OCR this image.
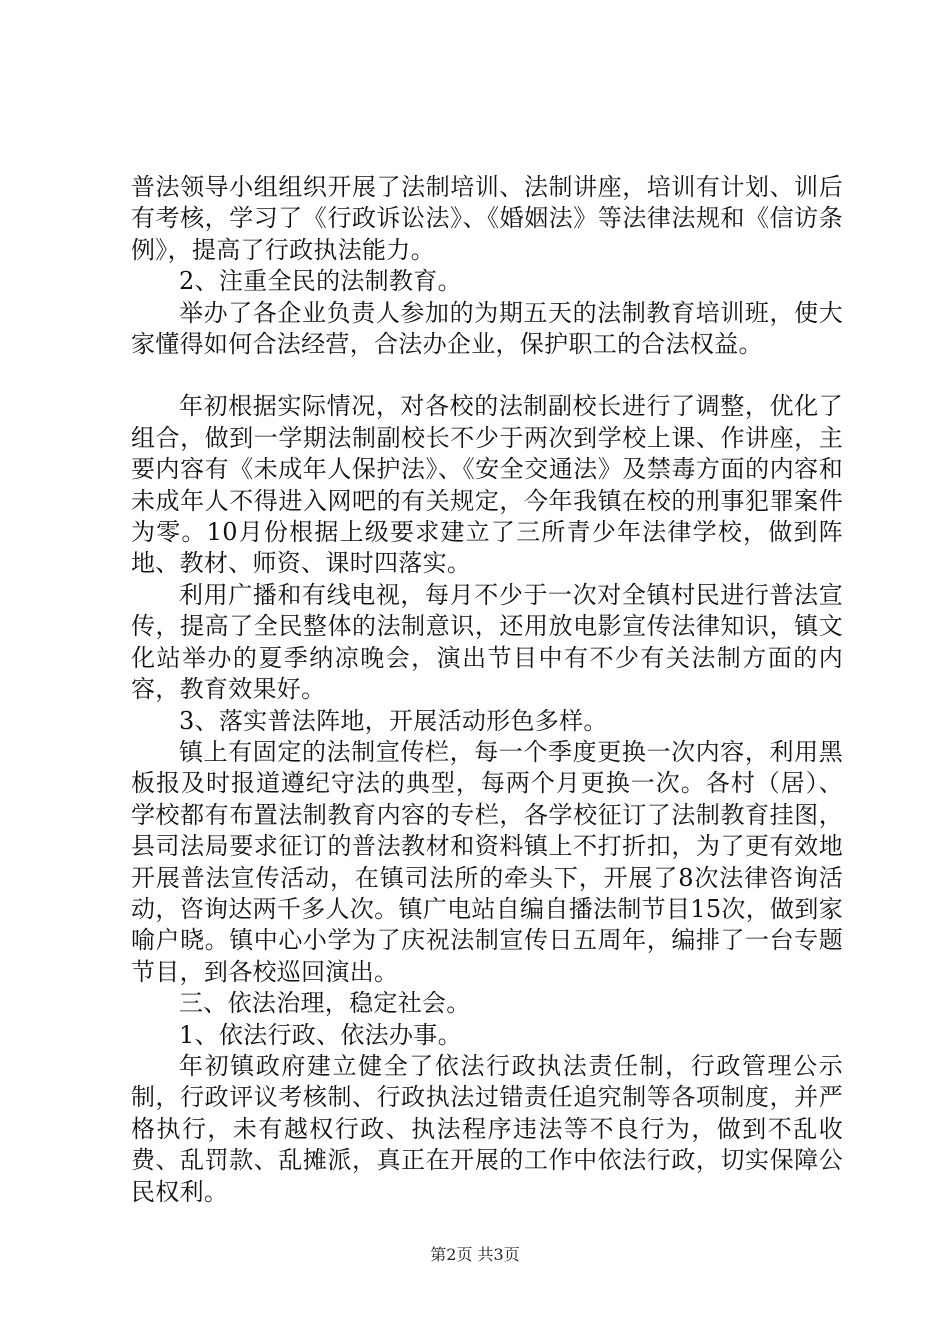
普法领导小组组织开展了法制培训、法制讲座，培训有计划、训后有考核，学习了《行政诉讼法》、《婚姻法》等法律法规和《信访条例》，提高了行政执法能力。

2、注重全民的法制教育。

举办了各企业负责人参加的为期五天的法制教育培训班，使大家懂得如何合法经营，合法办企业，保护职工的合法权益。

年初根据实际情况，对各校的法制副校长进行了调整，优化了组合，做到一学期法制副校长不少于两次到学校上课、作讲座，主要内容有《未成年人保护法》、《安全交通法》及禁毒方面的内容和未成年人不得进入网吧的有关规定，今年我镇在校的刑事犯罪案件为零。10月份根据上级要求建立了三所青少年法律学校，做到阵地、教材、师资、课时四落实。

利用广播和有线电视，每月不少于一次对全镇村民进行普法宣传，提高了全民整体的法制意识，还用放电影宣传法律知识，镇文化站举办的夏季纳凉晚会，演出节目中有不少有关法制方面的内容，教育效果好。

3、落实普法阵地，开展活动形色多样。

镇上有固定的法制宣传栏，每一个季度更换一次内容，利用黑板报及时报道遵纪守法的典型，每两个月更换一次。各村（居）、学校都有布置法制教育内容的专栏，各学校征订了法制教育挂图，县司法局要求征订的普法教材和资料镇上不打折扣，为了更有效地开展普法宣传活动，在镇司法所的牵头下，开展了8次法律咨询活动，咨询达两千多人次。镇广电站自编自播法制节目15次，做到家喻户晓。镇中心小学为了庆祝法制宣传日五周年，编排了一台专题节目，到各校巡回演出。

三、依法治理，稳定社会。

1、依法行政、依法办事。

年初镇政府建立健全了依法行政执法责任制，行政管理公示制，行政评议考核制、行政执法过错责任追究制等各项制度，并严格执行，未有越权行政、执法程序违法等不良行为，做到不乱收费、乱罚款、乱摊派，真正在开展的工作中依法行政，切实保障公民权利。

第2页 共3页
